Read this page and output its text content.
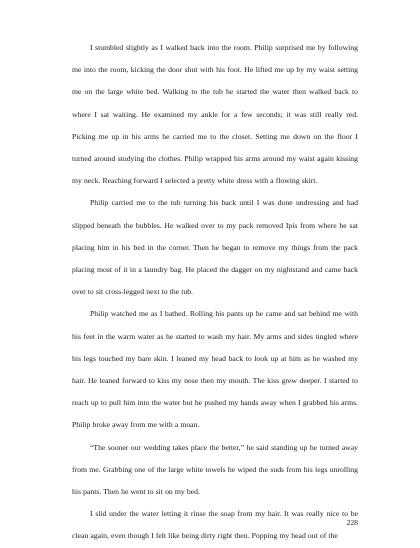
I stumbled slightly as I walked back into the room. Philip surprised me by following me into the room, kicking the door shut with his foot. He lifted me up by my waist setting me on the large white bed. Walking to the tub he started the water then walked back to where I sat waiting. He examined my ankle for a few seconds; it was still really red. Picking me up in his arms he carried me to the closet. Setting me down on the floor I turned around studying the clothes. Philip wrapped his arms around my waist again kissing my neck. Reaching forward I selected a pretty white dress with a flowing skirt.

Philip carried me to the tub turning his back until I was done undressing and had slipped beneath the bubbles. He walked over to my pack removed Ipis from where he sat placing him in his bed in the corner. Then he began to remove my things from the pack placing most of it in a laundry bag. He placed the dagger on my nightstand and came back over to sit cross-legged next to the tub.

Philip watched me as I bathed. Rolling his pants up he came and sat behind me with his feet in the warm water as he started to wash my hair. My arms and sides tingled where his legs touched my bare skin. I leaned my head back to look up at him as he washed my hair. He leaned forward to kiss my nose then my mouth. The kiss grew deeper. I started to reach up to pull him into the water but he pushed my hands away when I grabbed his arms. Philip broke away from me with a moan.

“The sooner our wedding takes place the better,” he said standing up he turned away from me. Grabbing one of the large white towels he wiped the suds from his legs unrolling his pants. Then he went to sit on my bed.

I slid under the water letting it rinse the soap from my hair. It was really nice to be clean again, even though I felt like being dirty right then. Popping my head out of the

228
